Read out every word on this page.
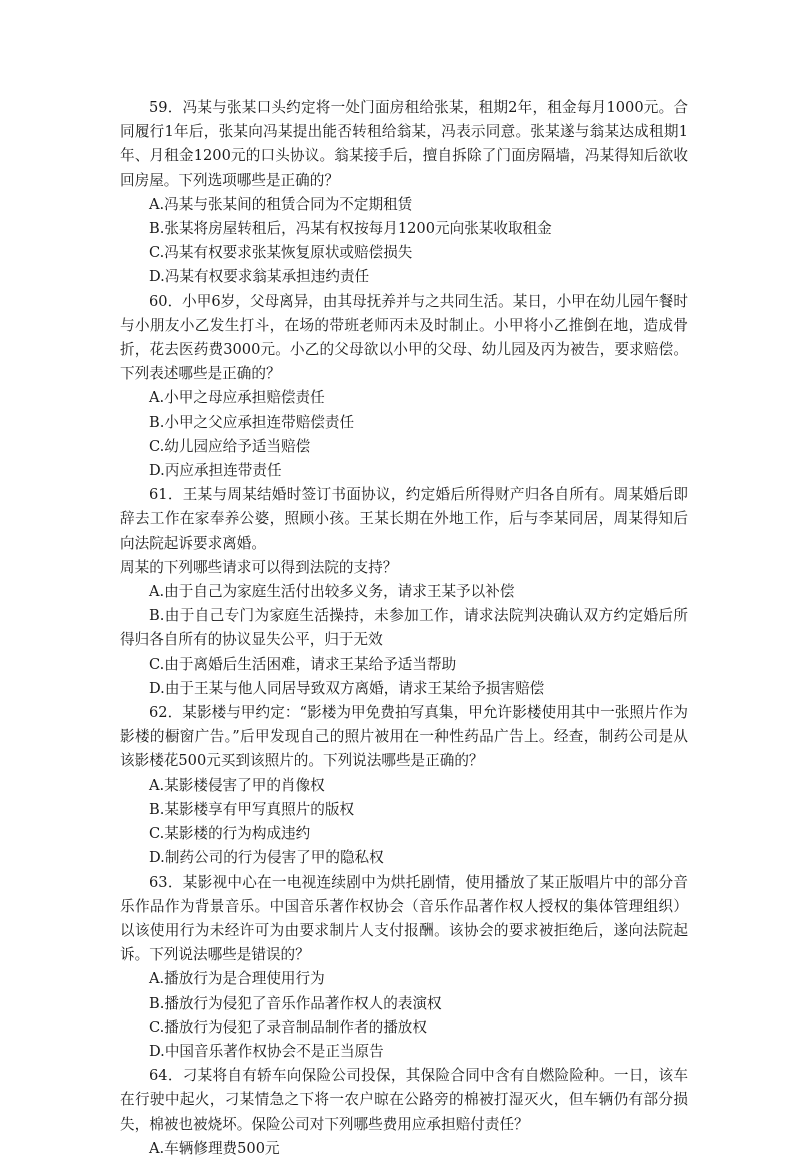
59．冯某与张某口头约定将一处门面房租给张某，租期2年，租金每月1000元。合同履行1年后，张某向冯某提出能否转租给翁某，冯表示同意。张某遂与翁某达成租期1年、月租金1200元的口头协议。翁某接手后，擅自拆除了门面房隔墙，冯某得知后欲收回房屋。下列选项哪些是正确的？

A.冯某与张某间的租赁合同为不定期租赁

B.张某将房屋转租后，冯某有权按每月1200元向张某收取租金

C.冯某有权要求张某恢复原状或赔偿损失

D.冯某有权要求翁某承担违约责任

60．小甲6岁，父母离异，由其母抚养并与之共同生活。某日，小甲在幼儿园午餐时与小朋友小乙发生打斗，在场的带班老师丙未及时制止。小甲将小乙推倒在地，造成骨折，花去医药费3000元。小乙的父母欲以小甲的父母、幼儿园及丙为被告，要求赔偿。下列表述哪些是正确的？

A.小甲之母应承担赔偿责任

B.小甲之父应承担连带赔偿责任

C.幼儿园应给予适当赔偿

D.丙应承担连带责任

61．王某与周某结婚时签订书面协议，约定婚后所得财产归各自所有。周某婚后即辞去工作在家奉养公婆，照顾小孩。王某长期在外地工作，后与李某同居，周某得知后向法院起诉要求离婚。

周某的下列哪些请求可以得到法院的支持？

A.由于自己为家庭生活付出较多义务，请求王某予以补偿

B.由于自己专门为家庭生活操持，未参加工作，请求法院判决确认双方约定婚后所得归各自所有的协议显失公平，归于无效

C.由于离婚后生活困难，请求王某给予适当帮助

D.由于王某与他人同居导致双方离婚，请求王某给予损害赔偿

62．某影楼与甲约定：“影楼为甲免费拍写真集，甲允许影楼使用其中一张照片作为影楼的橱窗广告。”后甲发现自己的照片被用在一种性药品广告上。经查，制药公司是从该影楼花500元买到该照片的。下列说法哪些是正确的？

A.某影楼侵害了甲的肖像权

B.某影楼享有甲写真照片的版权

C.某影楼的行为构成违约

D.制药公司的行为侵害了甲的隐私权

63．某影视中心在一电视连续剧中为烘托剧情，使用播放了某正版唱片中的部分音乐作品作为背景音乐。中国音乐著作权协会（音乐作品著作权人授权的集体管理组织）以该使用行为未经许可为由要求制片人支付报酬。该协会的要求被拒绝后，遂向法院起诉。下列说法哪些是错误的？

A.播放行为是合理使用行为

B.播放行为侵犯了音乐作品著作权人的表演权

C.播放行为侵犯了录音制品制作者的播放权

D.中国音乐著作权协会不是正当原告

64．刁某将自有轿车向保险公司投保，其保险合同中含有自燃险险种。一日，该车在行驶中起火，刁某情急之下将一农户晾在公路旁的棉被打湿灭火，但车辆仍有部分损失，棉被也被烧坏。保险公司对下列哪些费用应承担赔付责任？

A.车辆修理费500元
